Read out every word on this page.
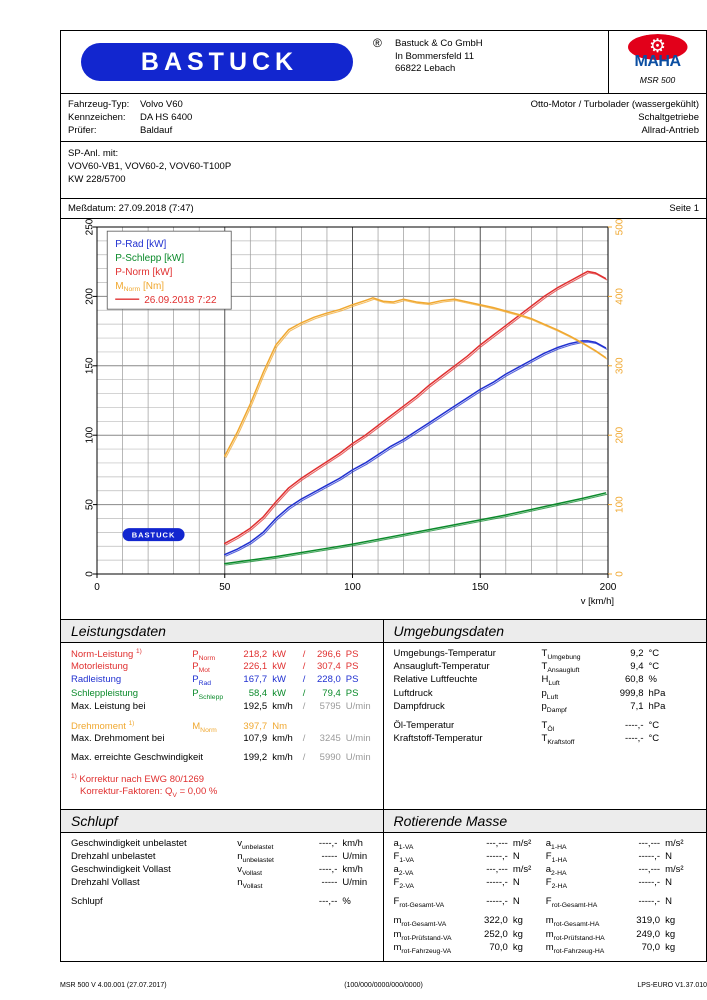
BASTUCK
® Bastuck & Co GmbH
In Bommersfeld 11
66822 Lebach
⚙
MAHA
MSR 500
Fahrzeug-Typ:	Volvo V60	Otto-Motor / Turbolader (wassergekühlt)
Kennzeichen:	DA HS 6400	Schaltgetriebe
Prüfer:	Baldauf	Allrad-Antrieb
SP-Anl. mit:
VOV60-VB1, VOV60-2, VOV60-T100P
KW 228/5700
Meßdatum: 27.09.2018 (7:47)	Seite 1
0
50
100
150
200
250
0
100
200
300
400
500
0	50	100	150	200
v [km/h]
P-Rad [kW]
P-Schlepp [kW]
P-Norm [kW]
$M_{Norm}$ [Nm]
26.09.2018 7:22
BASTUCK
Leistungsdaten
Norm-Leistung $^{1)}$	$P_{Norm}$	218,2 kW	/	296,6 PS
Motorleistung	$P_{Mot}$	226,1 kW	/	307,4 PS
Radleistung	$P_{Rad}$	167,7 kW	/	228,0 PS
Schleppleistung	$P_{Schlepp}$	58,4 kW	/	79,4 PS
Max. Leistung bei	192,5 km/h	/	5795 U/min
Drehmoment $^{1)}$	$M_{Norm}$	397,7 Nm
Max. Drehmoment bei	107,9 km/h	/	3245 U/min
Max. erreichte Geschwindigkeit	199,2 km/h	/	5990 U/min
$^{1)}$ Korrektur nach EWG 80/1269
Korrektur-Faktoren: $Q_V = 0,00$ %
Umgebungsdaten
Umgebungs-Temperatur	$T_{Umgebung}$	9,2 °C
Ansaugluft-Temperatur	$T_{Ansaugluft}$	9,4 °C
Relative Luftfeuchte	$H_{Luft}$	60,8 %
Luftdruck	$p_{Luft}$	999,8 hPa
Dampfdruck	$p_{Dampf}$	7,1 hPa
Öl-Temperatur	$T_{Öl}$	----,- °C
Kraftstoff-Temperatur	$T_{Kraftstoff}$	----,- °C
Schlupf
Geschwindigkeit unbelastet	$v_{unbelastet}$	----,- km/h
Drehzahl unbelastet	$n_{unbelastet}$	----- U/min
Geschwindigkeit Vollast	$v_{Vollast}$	----,- km/h
Drehzahl Vollast	$n_{Vollast}$	----- U/min
Schlupf	---,-- %
Rotierende Masse
$a_{1-VA}$	---,--- m/s²
$F_{1-VA}$	-----,- N
$a_{2-VA}$	---,--- m/s²
$F_{2-VA}$	-----,- N
$F_{rot-Gesamt-VA}$	-----,- N
$m_{rot-Gesamt-VA}$	322,0 kg
$m_{rot-Prüfstand-VA}$	252,0 kg
$m_{rot-Fahrzeug-VA}$	70,0 kg
$a_{1-HA}$	---,--- m/s²
$F_{1-HA}$	-----,- N
$a_{2-HA}$	---,--- m/s²
$F_{2-HA}$	-----,- N
$F_{rot-Gesamt-HA}$	-----,- N
$m_{rot-Gesamt-HA}$	319,0 kg
$m_{rot-Prüfstand-HA}$	249,0 kg
$m_{rot-Fahrzeug-HA}$	70,0 kg
MSR 500 V 4.00.001 (27.07.2017)	(100/000/0000/000/0000)	LPS-EURO V1.37.010
